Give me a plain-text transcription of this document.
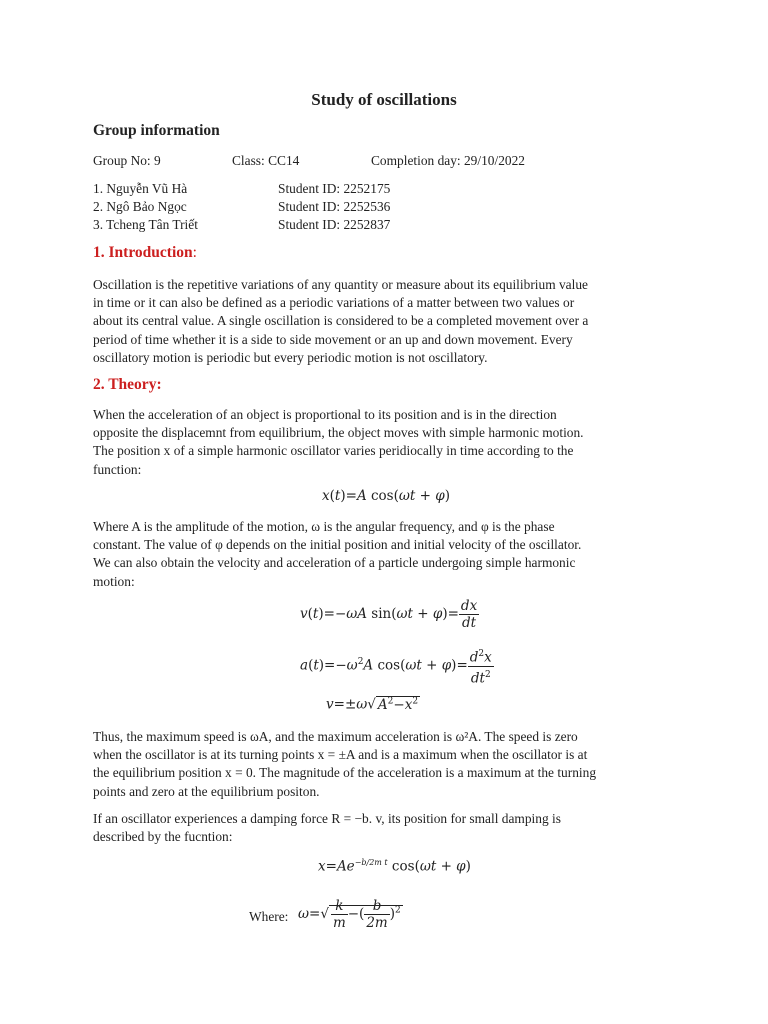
Study of oscillations
Group information
Group No: 9	Class: CC14	Completion day: 29/10/2022
1. Nguyễn Vũ Hà	Student ID: 2252175
2. Ngô Bảo Ngọc	Student ID: 2252536
3. Tcheng Tân Triết	Student ID: 2252837
1. Introduction:
Oscillation is the repetitive variations of any quantity or measure about its equilibrium value
in time or it can also be defined as a periodic variations of a matter between two values or
about its central value. A single oscillation is considered to be a completed movement over a
period of time whether it is a side to side movement or an up and down movement. Every
oscillatory motion is periodic but every periodic motion is not oscillatory.
2. Theory:
When the acceleration of an object is proportional to its position and is in the direction
opposite the displacemnt from equilibrium, the object moves with simple harmonic motion.
The position x of a simple harmonic oscillator varies peridiocally in time according to the
function:
x(t)=A cos(ωt + φ)
Where A is the amplitude of the motion, ω is the angular frequency, and φ is the phase
constant. The value of φ depends on the initial position and initial velocity of the oscillator.
We can also obtain the velocity and acceleration of a particle undergoing simple harmonic
motion:
v(t)=−ωA $\sin(\omega t + \varphi)= \frac{dx}{dt}$
$a(t)=-\omega^2A$ $\cos(\omega t + \varphi)= \frac{d^2x}{dt^2}$
v=±ω√ $A^2-x^2$
Thus, the maximum speed is ωA, and the maximum acceleration is ω²A. The speed is zero
when the oscillator is at its turning points x = ±A and is a maximum when the oscillator is at
the equilibrium position x = 0. The magnitude of the acceleration is a maximum at the turning
points and zero at the equilibrium positon.
If an oscillator experiences a damping force R = −b. v, its position for small damping is
described by the fucntion:
$x=Ae^{-b/2m t}$ cos(ωt + φ)
Where: $\omega=√ \frac{k}{m}$ −( $\frac{b}{2m} )^2$
